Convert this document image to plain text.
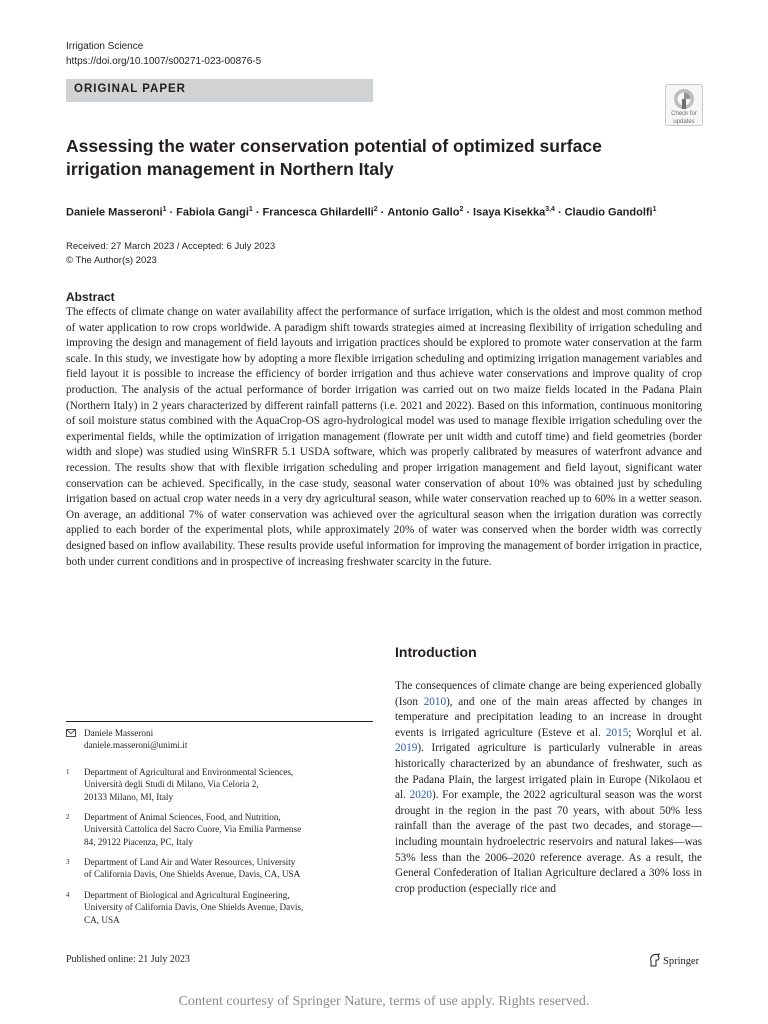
Irrigation Science
https://doi.org/10.1007/s00271-023-00876-5
ORIGINAL PAPER
Check for
updates
Assessing the water conservation potential of optimized surface
irrigation management in Northern Italy
Daniele Masseroni$^1$ · Fabiola Gangi$^1$ · Francesca Ghilardelli$^2$ · Antonio Gallo$^2$ · Isaya Kisekka$^{3,4}$ · Claudio Gandolfi$^1$
Received: 27 March 2023 / Accepted: 6 July 2023
© The Author(s) 2023
Abstract

The effects of climate change on water availability affect the performance of surface irrigation, which is the oldest and most common method of water application to row crops worldwide. A paradigm shift towards strategies aimed at increasing flexibility of irrigation scheduling and improving the design and management of field layouts and irrigation practices should be explored to promote water conservation at the farm scale. In this study, we investigate how by adopting a more flexible irrigation scheduling and optimizing irrigation management variables and field layout it is possible to increase the efficiency of border irrigation and thus achieve water conservations and improve quality of crop production. The analysis of the actual performance of border irrigation was carried out on two maize fields located in the Padana Plain (Northern Italy) in 2 years characterized by different rainfall patterns (i.e. 2021 and 2022). Based on this information, continuous monitoring of soil moisture status combined with the AquaCrop-OS agro-hydrological model was used to manage flexible irrigation scheduling over the experimental fields, while the optimization of irrigation management (flowrate per unit width and cutoff time) and field geometries (border width and slope) was studied using WinSRFR 5.1 USDA software, which was properly calibrated by measures of waterfront advance and recession. The results show that with flexible irrigation scheduling and proper irrigation management and field layout, significant water conservation can be achieved. Specifically, in the case study, seasonal water conservation of about 10% was obtained just by scheduling irrigation based on actual crop water needs in a very dry agricultural season, while water conservation reached up to 60% in a wetter season. On average, an additional 7% of water conservation was achieved over the agricultural season when the irrigation duration was correctly applied to each border of the experimental plots, while approximately 20% of water was conserved when the border width was correctly designed based on inflow availability. These results provide useful information for improving the management of border irrigation in practice, both under current conditions and in prospective of increasing freshwater scarcity in the future.

Introduction

The consequences of climate change are being experienced globally (Ison 2010), and one of the main areas affected by changes in temperature and precipitation leading to an increase in drought events is irrigated agriculture (Esteve et al. 2015; Worqlul et al. 2019). Irrigated agriculture is particularly vulnerable in areas historically characterized by an abundance of freshwater, such as the Padana Plain, the largest irrigated plain in Europe (Nikolaou et al. 2020). For example, the 2022 agricultural season was the worst drought in the region in the past 70 years, with about 50% less rainfall than the average of the past two decades, and storage—including mountain hydroelectric reservoirs and natural lakes—was 53% less than the 2006–2020 reference average. As a result, the General Confederation of Italian Agriculture declared a 30% loss in crop production (especially rice and

Daniele Masseroni
daniele.masseroni@unimi.it
1 Department of Agricultural and Environmental Sciences,
Università degli Studi di Milano, Via Celoria 2,
20133 Milano, MI, Italy
2 Department of Animal Sciences, Food, and Nutrition,
Università Cattolica del Sacro Cuore, Via Emilia Parmense
84, 29122 Piacenza, PC, Italy
3 Department of Land Air and Water Resources, University
of California Davis, One Shields Avenue, Davis, CA, USA
4 Department of Biological and Agricultural Engineering,
University of California Davis, One Shields Avenue, Davis,
CA, USA
Published online: 21 July 2023	Springer
Content courtesy of Springer Nature, terms of use apply. Rights reserved.
